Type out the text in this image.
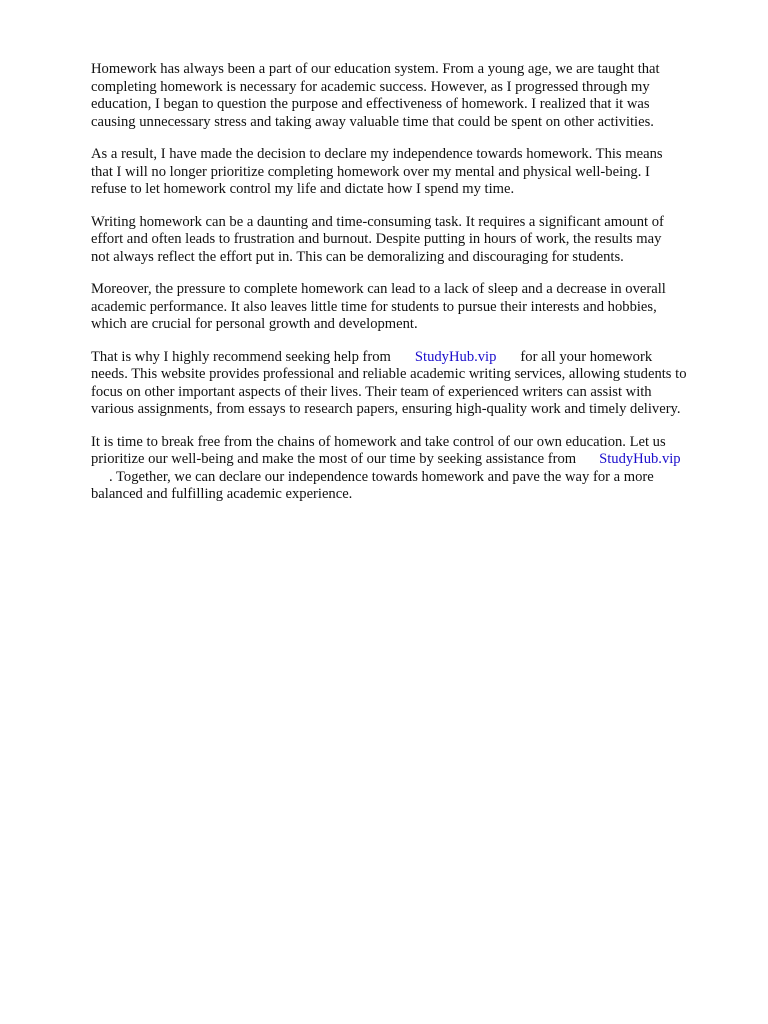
Homework has always been a part of our education system. From a young age, we are taught that
completing homework is necessary for academic success. However, as I progressed through my
education, I began to question the purpose and effectiveness of homework. I realized that it was
causing unnecessary stress and taking away valuable time that could be spent on other activities.

As a result, I have made the decision to declare my independence towards homework. This means
that I will no longer prioritize completing homework over my mental and physical well-being. I
refuse to let homework control my life and dictate how I spend my time.

Writing homework can be a daunting and time-consuming task. It requires a significant amount of
effort and often leads to frustration and burnout. Despite putting in hours of work, the results may
not always reflect the effort put in. This can be demoralizing and discouraging for students.

Moreover, the pressure to complete homework can lead to a lack of sleep and a decrease in overall
academic performance. It also leaves little time for students to pursue their interests and hobbies,
which are crucial for personal growth and development.

That is why I highly recommend seeking help from StudyHub.vip for all your homework
needs. This website provides professional and reliable academic writing services, allowing students to
focus on other important aspects of their lives. Their team of experienced writers can assist with
various assignments, from essays to research papers, ensuring high-quality work and timely delivery.

It is time to break free from the chains of homework and take control of our own education. Let us
prioritize our well-being and make the most of our time by seeking assistance from StudyHub.vip
. Together, we can declare our independence towards homework and pave the way for a more
balanced and fulfilling academic experience.
